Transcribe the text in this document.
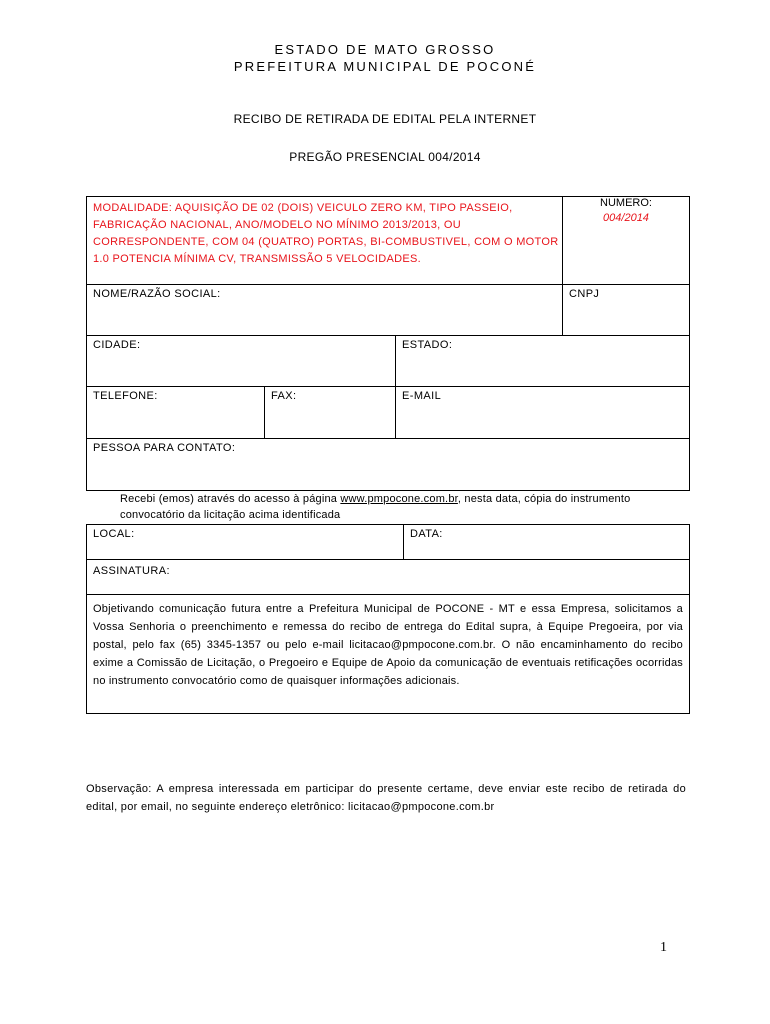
ESTADO DE MATO GROSSO
PREFEITURA MUNICIPAL DE POCONÉ
RECIBO DE RETIRADA DE EDITAL PELA INTERNET
PREGÃO PRESENCIAL 004/2014
MODALIDADE: AQUISIÇÃO DE 02 (DOIS) VEICULO ZERO KM, TIPO PASSEIO, FABRICAÇÃO NACIONAL, ANO/MODELO NO MÍNIMO 2013/2013, OU CORRESPONDENTE, COM 04 (QUATRO) PORTAS, BI-COMBUSTIVEL, COM O MOTOR 1.0 POTENCIA MÍNIMA CV, TRANSMISSÃO 5 VELOCIDADES.	NUMERO:
004/2014

NOME/RAZÃO SOCIAL:	CNPJ
CIDADE:		ESTADO:

TELEFONE:	FAX:	E-MAIL

PESSOA PARA CONTATO:		
Recebi (emos) através do acesso à página www.pmpocone.com.br, nesta data, cópia do instrumento convocatório da licitação acima identificada
LOCAL:	DATA:

ASSINATURA:

Objetivando comunicação futura entre a Prefeitura Municipal de POCONE - MT e essa Empresa, solicitamos a Vossa Senhoria o preenchimento e remessa do recibo de entrega do Edital supra, à Equipe Pregoeira, por via postal, pelo fax (65) 3345-1357 ou pelo e-mail licitacao@pmpocone.com.br. O não encaminhamento do recibo exime a Comissão de Licitação, o Pregoeiro e Equipe de Apoio da comunicação de eventuais retificações ocorridas no instrumento convocatório como de quaisquer informações adicionais.
Observação: A empresa interessada em participar do presente certame, deve enviar este recibo de retirada do edital, por email, no seguinte endereço eletrônico: licitacao@pmpocone.com.br
1
